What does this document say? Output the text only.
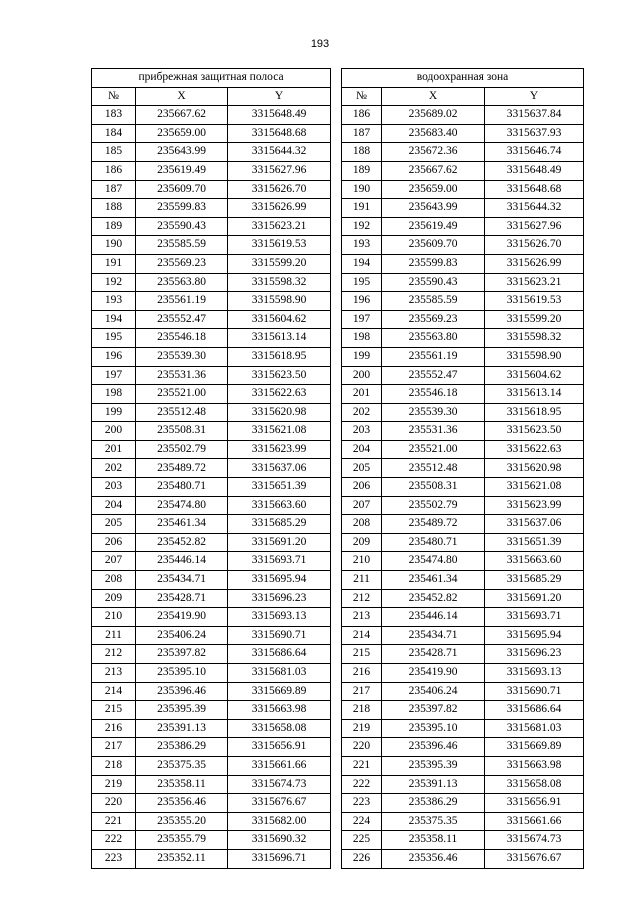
193
прибрежная защитная полоса				водоохранная зона		
№	X	Y		№	X	Y
183	235667.62	3315648.49		186	235689.02	3315637.84
184	235659.00	3315648.68		187	235683.40	3315637.93
185	235643.99	3315644.32		188	235672.36	3315646.74
186	235619.49	3315627.96		189	235667.62	3315648.49
187	235609.70	3315626.70		190	235659.00	3315648.68
188	235599.83	3315626.99		191	235643.99	3315644.32
189	235590.43	3315623.21		192	235619.49	3315627.96
190	235585.59	3315619.53		193	235609.70	3315626.70
191	235569.23	3315599.20		194	235599.83	3315626.99
192	235563.80	3315598.32		195	235590.43	3315623.21
193	235561.19	3315598.90		196	235585.59	3315619.53
194	235552.47	3315604.62		197	235569.23	3315599.20
195	235546.18	3315613.14		198	235563.80	3315598.32
196	235539.30	3315618.95		199	235561.19	3315598.90
197	235531.36	3315623.50		200	235552.47	3315604.62
198	235521.00	3315622.63		201	235546.18	3315613.14
199	235512.48	3315620.98		202	235539.30	3315618.95
200	235508.31	3315621.08		203	235531.36	3315623.50
201	235502.79	3315623.99		204	235521.00	3315622.63
202	235489.72	3315637.06		205	235512.48	3315620.98
203	235480.71	3315651.39		206	235508.31	3315621.08
204	235474.80	3315663.60		207	235502.79	3315623.99
205	235461.34	3315685.29		208	235489.72	3315637.06
206	235452.82	3315691.20		209	235480.71	3315651.39
207	235446.14	3315693.71		210	235474.80	3315663.60
208	235434.71	3315695.94		211	235461.34	3315685.29
209	235428.71	3315696.23		212	235452.82	3315691.20
210	235419.90	3315693.13		213	235446.14	3315693.71
211	235406.24	3315690.71		214	235434.71	3315695.94
212	235397.82	3315686.64		215	235428.71	3315696.23
213	235395.10	3315681.03		216	235419.90	3315693.13
214	235396.46	3315669.89		217	235406.24	3315690.71
215	235395.39	3315663.98		218	235397.82	3315686.64
216	235391.13	3315658.08		219	235395.10	3315681.03
217	235386.29	3315656.91		220	235396.46	3315669.89
218	235375.35	3315661.66		221	235395.39	3315663.98
219	235358.11	3315674.73		222	235391.13	3315658.08
220	235356.46	3315676.67		223	235386.29	3315656.91
221	235355.20	3315682.00		224	235375.35	3315661.66
222	235355.79	3315690.32		225	235358.11	3315674.73
223	235352.11	3315696.71		226	235356.46	3315676.67
